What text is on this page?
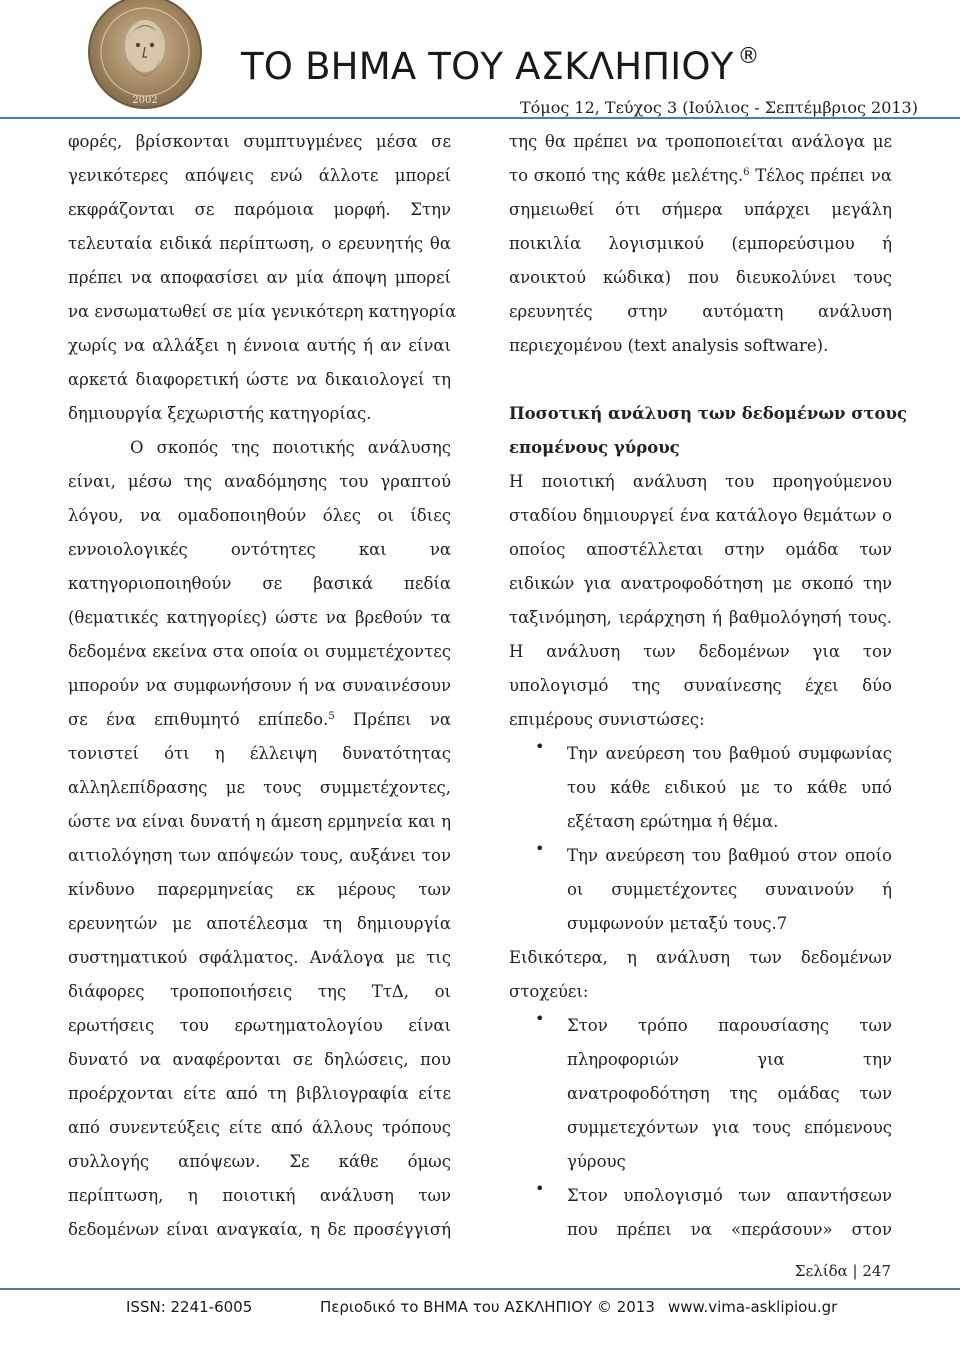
2002
ΤΟ ΒΗΜΑ ΤΟΥ ΑΣΚΛΗΠΙΟΥ ®
Τόμος 12, Τεύχος 3 (Ιούλιος - Σεπτέμβριος 2013)
φορές, βρίσκονται συμπτυγμένες μέσα σε
γενικότερες απόψεις ενώ άλλοτε μπορεί
εκφράζονται σε παρόμοια μορφή. Στην
τελευταία ειδικά περίπτωση, ο ερευνητής θα
πρέπει να αποφασίσει αν μία άποψη μπορεί
να ενσωματωθεί σε μία γενικότερη κατηγορία
χωρίς να αλλάξει η έννοια αυτής ή αν είναι
αρκετά διαφορετική ώστε να δικαιολογεί τη
δημιουργία ξεχωριστής κατηγορίας.
Ο σκοπός της ποιοτικής ανάλυσης
είναι, μέσω της αναδόμησης του γραπτού
λόγου, να ομαδοποιηθούν όλες οι ίδιες
εννοιολογικές οντότητες και να
κατηγοριοποιηθούν σε βασικά πεδία
(θεματικές κατηγορίες) ώστε να βρεθούν τα
δεδομένα εκείνα στα οποία οι συμμετέχοντες
μπορούν να συμφωνήσουν ή να συναινέσουν
σε ένα επιθυμητό επίπεδο.$^5$ Πρέπει να
τονιστεί ότι η έλλειψη δυνατότητας
αλληλεπίδρασης με τους συμμετέχοντες,
ώστε να είναι δυνατή η άμεση ερμηνεία και η
αιτιολόγηση των απόψεών τους, αυξάνει τον
κίνδυνο παρερμηνείας εκ μέρους των
ερευνητών με αποτέλεσμα τη δημιουργία
συστηματικού σφάλματος. Ανάλογα με τις
διάφορες τροποποιήσεις της ΤτΔ, οι
ερωτήσεις του ερωτηματολογίου είναι
δυνατό να αναφέρονται σε δηλώσεις, που
προέρχονται είτε από τη βιβλιογραφία είτε
από συνεντεύξεις είτε από άλλους τρόπους
συλλογής απόψεων. Σε κάθε όμως
περίπτωση, η ποιοτική ανάλυση των
δεδομένων είναι αναγκαία, η δε προσέγγισή
της θα πρέπει να τροποποιείται ανάλογα με
το σκοπό της κάθε μελέτης.$^6$ Τέλος πρέπει να
σημειωθεί ότι σήμερα υπάρχει μεγάλη
ποικιλία λογισμικού (εμπορεύσιμου ή
ανοικτού κώδικα) που διευκολύνει τους
ερευνητές στην αυτόματη ανάλυση
περιεχομένου (text analysis software).
Ποσοτική ανάλυση των δεδομένων στους
επομένους γύρους
Η ποιοτική ανάλυση του προηγούμενου
σταδίου δημιουργεί ένα κατάλογο θεμάτων ο
οποίος αποστέλλεται στην ομάδα των
ειδικών για ανατροφοδότηση με σκοπό την
ταξινόμηση, ιεράρχηση ή βαθμολόγησή τους.
Η ανάλυση των δεδομένων για τον
υπολογισμό της συναίνεσης έχει δύο
επιμέρους συνιστώσες:
• Την ανεύρεση του βαθμού συμφωνίας
του κάθε ειδικού με το κάθε υπό
εξέταση ερώτημα ή θέμα.
• Την ανεύρεση του βαθμού στον οποίο
οι συμμετέχοντες συναινούν ή
συμφωνούν μεταξύ τους.7
Ειδικότερα, η ανάλυση των δεδομένων
στοχεύει:
• Στον τρόπο παρουσίασης των
πληροφοριών για την
ανατροφοδότηση της ομάδας των
συμμετεχόντων για τους επόμενους
γύρους
• Στον υπολογισμό των απαντήσεων
που πρέπει να «περάσουν» στον
Σελίδα | 247
ISSN: 2241-6005	Περιοδικό το ΒΗΜΑ του ΑΣΚΛΗΠΙΟΥ © 2013 www.vima-asklipiou.gr
